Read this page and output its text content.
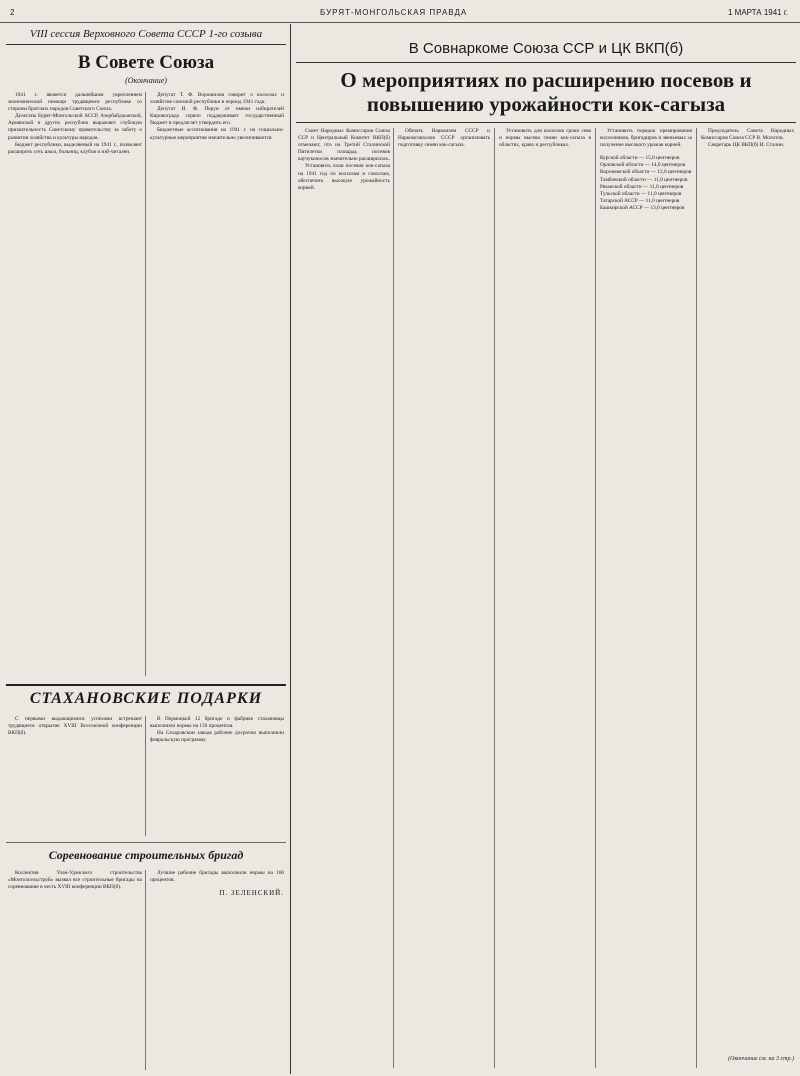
2	БУРЯТ-МОНГОЛЬСКАЯ ПРАВДА	1 МАРТА 1941 г.
VIII сессия Верховного Совета СССР 1-го созыва
В Совете Союза
(Окончание)

1941 г. является дальнейшим укреплением экономической помощи трудящимся республике со стороны братских народов Советского Союза.

Делегаты Бурят-Монгольской АССР, Азербайджанской, Армянской и других республик выражают глубокую признательность Советскому правительству за заботу о развитии хозяйства и культуры народов.

Бюджет республики, выделяемый на 1941 г., позволяет расширить сеть школ, больниц, клубов и изб-читален.

Депутат Т. Ф. Ворошилов говорит о колхозах и хозяйстве союзной республики в период 1941 года.

Депутат И. Ф. Перун от имени избирателей Кировограда горячо поддерживает государственный бюджет и предлагает утвердить его.

Бюджетные ассигнования на 1941 г. на социально-культурные мероприятия значительно увеличиваются.

СТАХАНОВСКИЕ ПОДАРКИ

С первыми выдающимися успехами встречают трудящиеся открытие XVIII Всесоюзной конференции ВКП(б).

В Пермоцкой 12 бригаде и фабрике стахановцы выполнили нормы на 150 процентов.

На Сахаровском заводе рабочие досрочно выполнили февральскую программу.

Соревнование строительных бригад

Коллектив Улан-Удэнского строительства «Монголсельстрой» вызвал все строительные бригады на соревнование в честь XVIII конференции ВКП(б).

Лучшие рабочие бригады выполнили нормы на 160 процентов.

П. ЗЕЛЕНСКИЙ.
В Совнаркоме Союза ССР и ЦК ВКП(б)
О мероприятиях по расширению посевов и повышению урожайности кок-сагыза

Совет Народных Комиссаров Союза ССР и Центральный Комитет ВКП(б) отмечают, что на Третий Сталинской Пятилетки площадь посевов каучуконосов значительно расширилась.

Установить план посевов кок-сагыза на 1941 год по колхозам и совхозам, обеспечить высокую урожайность корней.

Обязать Наркомзем СССР и Наркомсовхозов СССР организовать подготовку семян кок-сагыза.

Установить для колхозов сроки сева и нормы высева семян кок-сагыза в областях, краях и республиках.

Установить порядок премирования колхозников, бригадиров и звеньевых за получение высокого урожая корней.

Курской области — 15,0 центнеров
Орловской области — 14,0 центнеров
Воронежской области — 12,0 центнеров
Тамбовской области — 11,0 центнеров
Рязанской области — 11,0 центнеров
Тульской области — 11,0 центнеров
Татарской АССР — 11,0 центнеров
Башкирской АССР — 13,0 центнеров

Председатель Совета Народных Комиссаров Союза ССР В. Молотов.

Секретарь ЦК ВКП(б) И. Сталин.

(Окончание см. на 3 стр.)
